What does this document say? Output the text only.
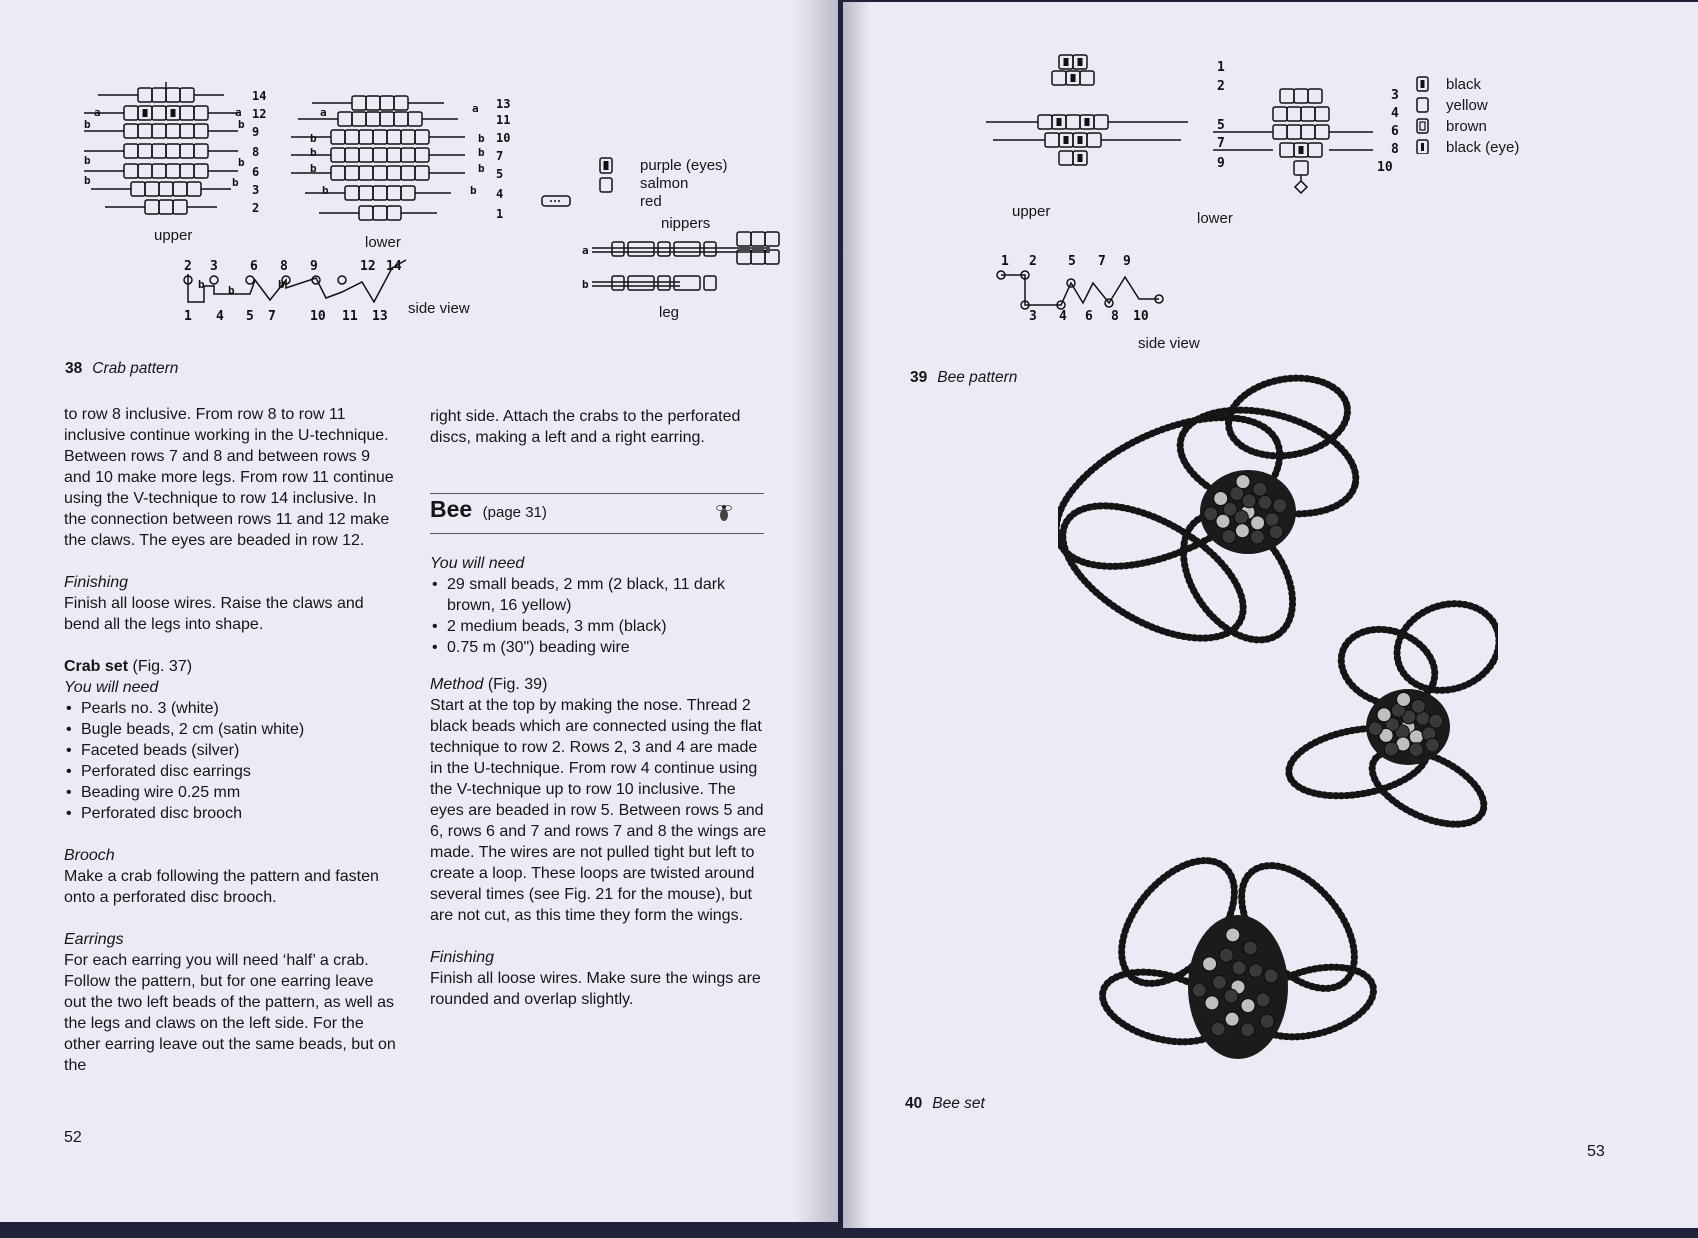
14
12
9
8
6
3
2
a	a
b
b
b
b
b
b
13
11
10
7
5
4
1
a	a
b
b
b
b
b
b
b
b
2 3 6 8 9	12 14
1 4 5 7	10 11 13
b b	b
a
b
upper	lower
side view
purple (eyes)
salmon
red
nippers
leg
38 Crab pattern
to row 8 inclusive. From row 8 to row 11 inclusive continue working in the U-technique. Between rows 7 and 8 and between rows 9 and 10 make more legs. From row 11 continue using the V-technique to row 14 inclusive. In the connection between rows 11 and 12 make the claws. The eyes are beaded in row 12.
Finishing
Finish all loose wires. Raise the claws and bend all the legs into shape.
Crab set (Fig. 37)
You will need
• Pearls no. 3 (white)
• Bugle beads, 2 cm (satin white)
• Faceted beads (silver)
• Perforated disc earrings
• Beading wire 0.25 mm
• Perforated disc brooch
Brooch
Make a crab following the pattern and fasten onto a perforated disc brooch.
Earrings
For each earring you will need ‘half’ a crab. Follow the pattern, but for one earring leave out the two left beads of the pattern, as well as the legs and claws on the left side. For the other earring leave out the same beads, but on the
right side. Attach the crabs to the perforated discs, making a left and a right earring.
Bee (page 31)
You will need
• 29 small beads, 2 mm (2 black, 11 dark brown, 16 yellow)
• 2 medium beads, 3 mm (black)
• 0.75 m (30") beading wire
Method (Fig. 39)
Start at the top by making the nose. Thread 2 black beads which are connected using the flat technique to row 2. Rows 2, 3 and 4 are made in the U-technique. From row 4 continue using the V-technique up to row 10 inclusive. The eyes are beaded in row 5. Between rows 5 and 6, rows 6 and 7 and rows 7 and 8 the wings are made. The wires are not pulled tight but left to create a loop. These loops are twisted around several times (see Fig. 21 for the mouse), but are not cut, as this time they form the wings.
Finishing
Finish all loose wires. Make sure the wings are rounded and overlap slightly.
52
1
2
5
7
9
3
4
6
8
10
1 2 5 7 9
3 4 6 8 10
upper	lower
side view
black
yellow
brown
black (eye)
39 Bee pattern
40 Bee set
53
